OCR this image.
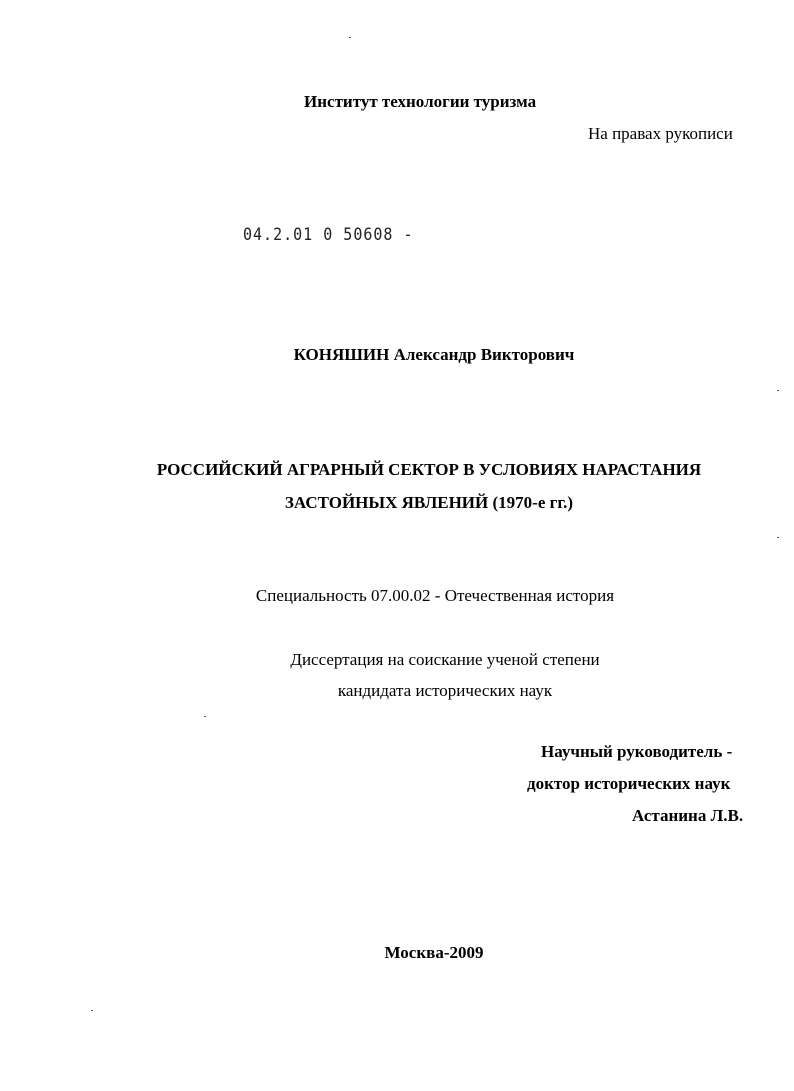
Институт технологии туризма
На правах рукописи
04.2.01 0 50608 -
КОНЯШИН Александр Викторович
РОССИЙСКИЙ АГРАРНЫЙ СЕКТОР В УСЛОВИЯХ НАРАСТАНИЯ
ЗАСТОЙНЫХ ЯВЛЕНИЙ (1970-е гг.)
Специальность 07.00.02 - Отечественная история
Диссертация на соискание ученой степени
кандидата исторических наук
Научный руководитель -
доктор исторических наук
Астанина Л.В.
Москва-2009
